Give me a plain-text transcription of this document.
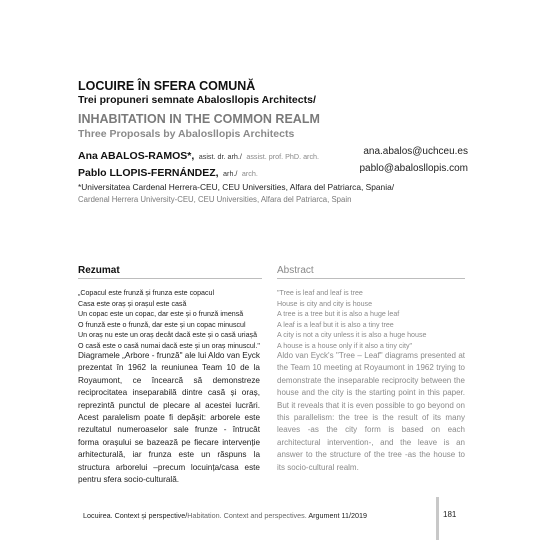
LOCUIRE ÎN SFERA COMUNĂ
Trei propuneri semnate Abalosllopis Architects/
INHABITATION IN THE COMMON REALM
Three Proposals by Abalosllopis Architects
Ana ABALOS-RAMOS*, asist. dr. arh./ assist. prof. PhD. arch.	ana.abalos@uchceu.es
Pablo LLOPIS-FERNÁNDEZ, arh./ arch.	pablo@abalosllopis.com
*Universitatea Cardenal Herrera-CEU, CEU Universities, Alfara del Patriarca, Spania/
Cardenal Herrera University-CEU, CEU Universities, Alfara del Patriarca, Spain
Rezumat	Abstract
„Copacul este frunză și frunza este copacul
Casa este oraș și orașul este casă
Un copac este un copac, dar este și o frunză imensă
O frunză este o frunză, dar este și un copac minuscul
Un oraș nu este un oraș decât dacă este și o casă uriașă
O casă este o casă numai dacă este și un oraș minuscul."
"Tree is leaf and leaf is tree
House is city and city is house
A tree is a tree but it is also a huge leaf
A leaf is a leaf but it is also a tiny tree
A city is not a city unless it is also a huge house
A house is a house only if it also a tiny city"

Diagramele „Arbore - frunză" ale lui Aldo van Eyck prezentat în 1962 la reuniunea Team 10 de la Royaumont, ce încearcă să demonstreze reciprocitatea inseparabilă dintre casă și oraș, reprezintă punctul de plecare al acestei lucrări. Acest paralelism poate fi depășit: arborele este rezultatul numeroaselor sale frunze - întrucât forma orașului se bazează pe fiecare intervenție arhitecturală, iar frunza este un răspuns la structura arborelui –precum locuința/casa este pentru sfera socio-culturală.

Aldo van Eyck's "Tree – Leaf" diagrams presented at the Team 10 meeting at Royaumont in 1962 trying to demonstrate the inseparable reciprocity between the house and the city is the starting point in this paper. But it reveals that it is even possible to go beyond on this parallelism: the tree is the result of its many leaves -as the city form is based on each architectural intervention-, and the leave is an answer to the structure of the tree -as the house to its socio-cultural realm.

Locuirea. Context și perspective/Habitation. Context and perspectives. Argument 11/2019	181
